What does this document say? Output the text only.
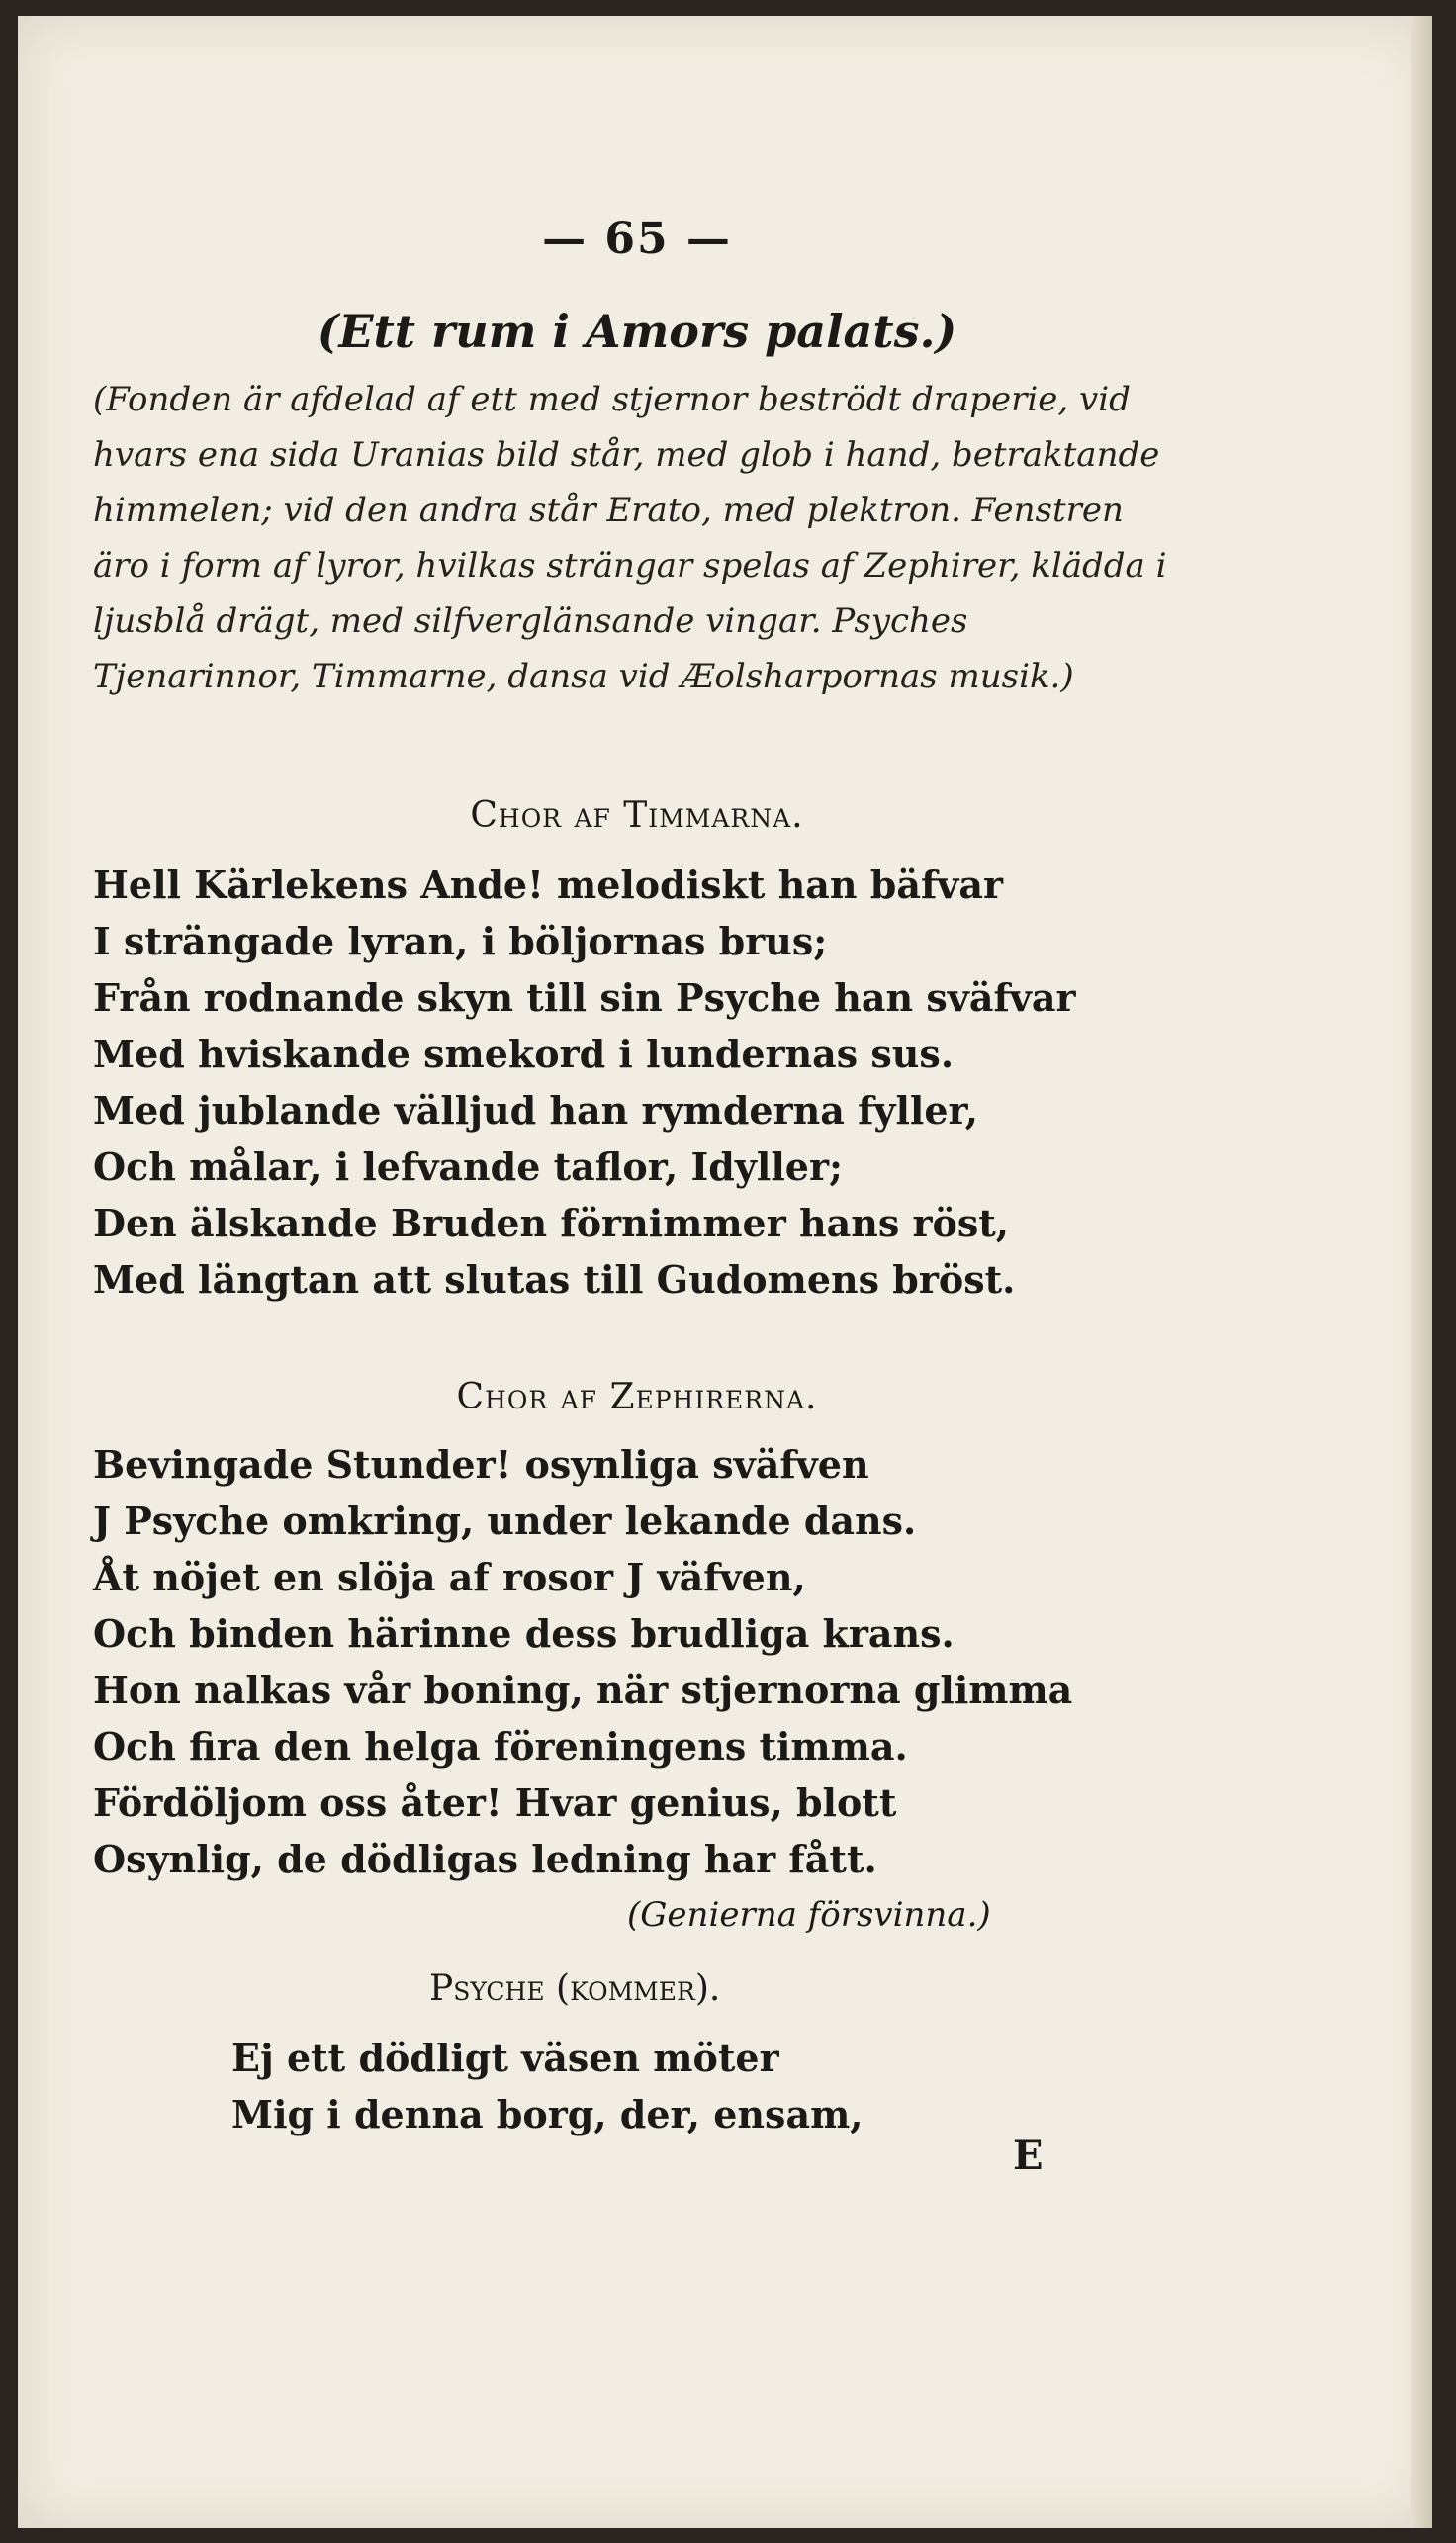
— 65 —
(Ett rum i Amors palats.)
(Fonden är afdelad af ett med stjernor beströdt draperie, vid hvars ena sida Uranias bild står, med glob i hand, betraktande himmelen; vid den andra står Erato, med plektron. Fenstren äro i form af lyror, hvilkas strängar spelas af Zephirer, klädda i ljusblå drägt, med silfverglänsande vingar. Psyches Tjenarinnor, Timmarne, dansa vid Æolsharpornas musik.)
Chor af Timmarna.
Hell Kärlekens Ande! melodiskt han bäfvar
I strängade lyran, i böljornas brus;
Från rodnande skyn till sin Psyche han sväfvar
Med hviskande smekord i lundernas sus.
Med jublande välljud han rymderna fyller,
Och målar, i lefvande taflor, Idyller;
Den älskande Bruden förnimmer hans röst,
Med längtan att slutas till Gudomens bröst.
Chor af Zephirerna.
Bevingade Stunder! osynliga sväfven
J Psyche omkring, under lekande dans.
Åt nöjet en slöja af rosor J väfven,
Och binden härinne dess brudliga krans.
Hon nalkas vår boning, när stjernorna glimma
Och fira den helga föreningens timma.
Fördöljom oss åter! Hvar genius, blott
Osynlig, de dödligas ledning har fått.
(Genierna försvinna.)
Psyche (kommer).
Ej ett dödligt väsen möter
Mig i denna borg, der, ensam,
E
